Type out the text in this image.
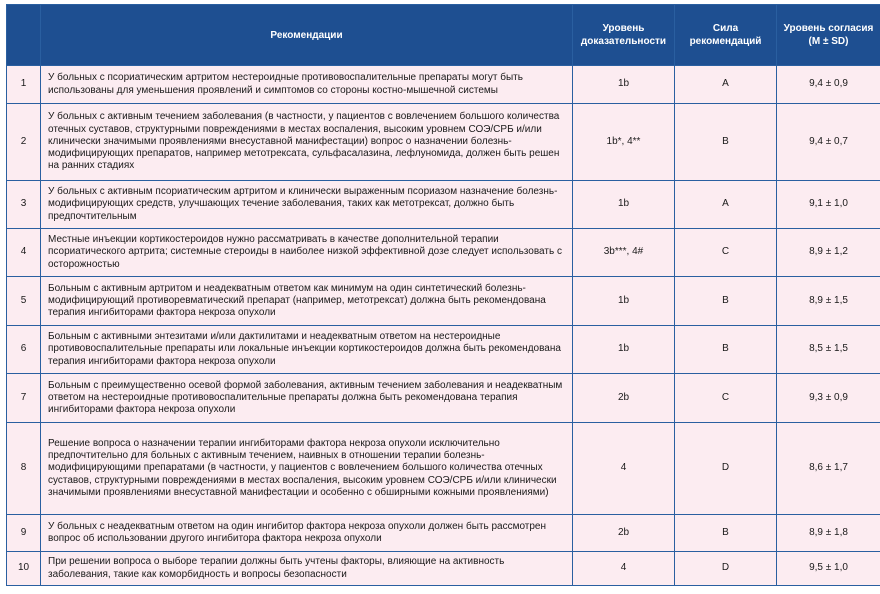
	Рекомендации	Уровень доказательности	Сила рекомендаций	Уровень согласия (M ± SD)
1	У больных с псориатическим артритом нестероидные противовоспалительные препараты могут быть использованы для уменьшения проявлений и симптомов со стороны костно-мышечной системы	1b	A	9,4 ± 0,9
2	У больных с активным течением заболевания (в частности, у пациентов с вовлечением большого количества отечных суставов, структурными повреждениями в местах воспаления, высоким уровнем СОЭ/СРБ и/или клинически значимыми проявлениями внесуставной манифестации) вопрос о назначении болезнь-модифицирующих препаратов, например метотрексата, сульфасалазина, лефлуномида, должен быть решен на ранних стадиях	1b*, 4**	B	9,4 ± 0,7
3	У больных с активным псориатическим артритом и клинически выраженным псориазом назначение болезнь-модифицирующих средств, улучшающих течение заболевания, таких как метотрексат, должно быть предпочтительным	1b	A	9,1 ± 1,0
4	Местные инъекции кортикостероидов нужно рассматривать в качестве дополнительной терапии псориатического артрита; системные стероиды в наиболее низкой эффективной дозе следует использовать с осторожностью	3b***, 4#	C	8,9 ± 1,2
5	Больным с активным артритом и неадекватным ответом как минимум на один синтетический болезнь-модифицирующий противоревматический препарат (например, метотрексат) должна быть рекомендована терапия ингибиторами фактора некроза опухоли	1b	B	8,9 ± 1,5
6	Больным с активными энтезитами и/или дактилитами и неадекватным ответом на нестероидные противовоспалительные препараты или локальные инъекции кортикостероидов должна быть рекомендована терапия ингибиторами фактора некроза опухоли	1b	B	8,5 ± 1,5
7	Больным с преимущественно осевой формой заболевания, активным течением заболевания и неадекватным ответом на нестероидные противовоспалительные препараты должна быть рекомендована терапия ингибиторами фактора некроза опухоли	2b	C	9,3 ± 0,9
8	Решение вопроса о назначении терапии ингибиторами фактора некроза опухоли исключительно предпочтительно для больных с активным течением, наивных в отношении терапии болезнь-модифицирующими препаратами (в частности, у пациентов с вовлечением большого количества отечных суставов, структурными повреждениями в местах воспаления, высоким уровнем СОЭ/СРБ и/или клинически значимыми проявлениями внесуставной манифестации и особенно с обширными кожными проявлениями)	4	D	8,6 ± 1,7
9	У больных с неадекватным ответом на один ингибитор фактора некроза опухоли должен быть рассмотрен вопрос об использовании другого ингибитора фактора некроза опухоли	2b	B	8,9 ± 1,8
10	При решении вопроса о выборе терапии должны быть учтены факторы, влияющие на активность заболевания, такие как коморбидность и вопросы безопасности	4	D	9,5 ± 1,0
